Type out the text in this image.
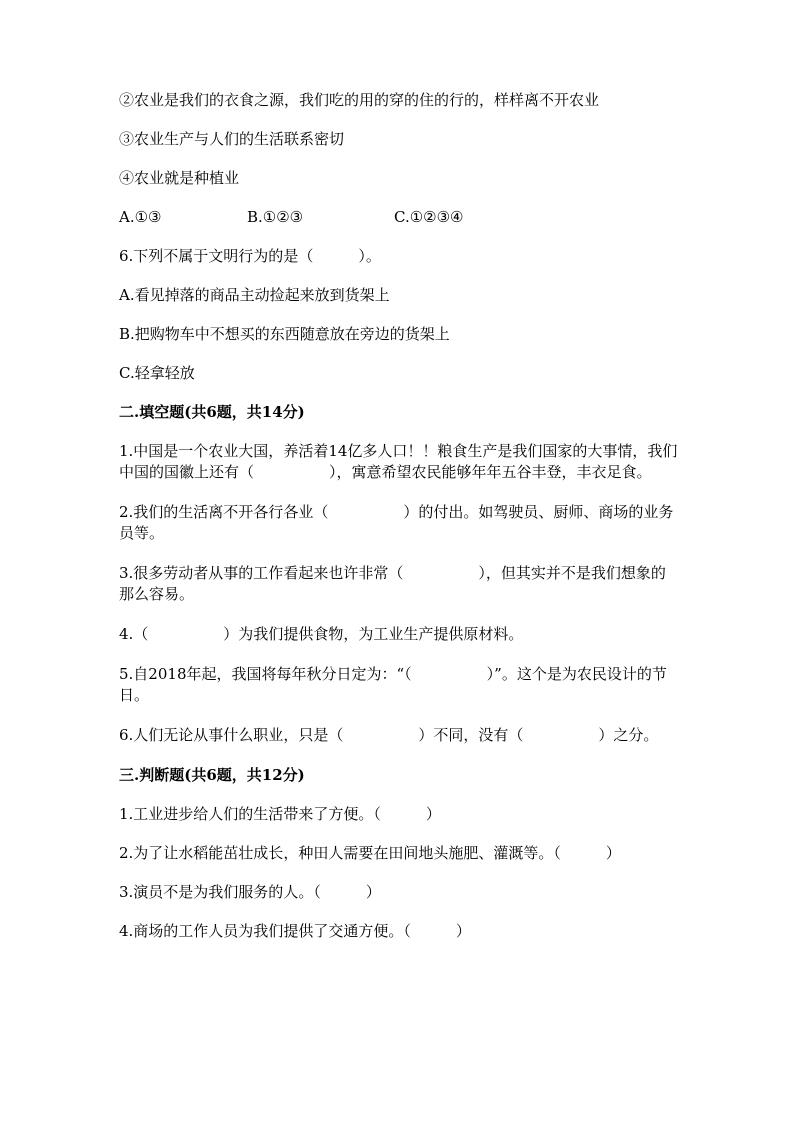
②农业是我们的衣食之源，我们吃的用的穿的住的行的，样样离不开农业

③农业生产与人们的生活联系密切

④农业就是种植业

A.①③	B.①②③	C.①②③④

6.下列不属于文明行为的是（　　　）。

A.看见掉落的商品主动捡起来放到货架上

B.把购物车中不想买的东西随意放在旁边的货架上

C.轻拿轻放

二.填空题(共6题，共14分)

1.中国是一个农业大国，养活着14亿多人口！！粮食生产是我们国家的大事情，我们中国的国徽上还有（　　　　　），寓意希望农民能够年年五谷丰登，丰衣足食。

2.我们的生活离不开各行各业（　　　　　）的付出。如驾驶员、厨师、商场的业务员等。

3.很多劳动者从事的工作看起来也许非常（　　　　　），但其实并不是我们想象的那么容易。

4.（　　　　　）为我们提供食物，为工业生产提供原材料。

5.自2018年起，我国将每年秋分日定为：“（　　　　　）”。这个是为农民设计的节日。

6.人们无论从事什么职业，只是（　　　　　）不同，没有（　　　　　）之分。

三.判断题(共6题，共12分)

1.工业进步给人们的生活带来了方便。（　　　）

2.为了让水稻能茁壮成长，种田人需要在田间地头施肥、灌溉等。（　　　）

3.演员不是为我们服务的人。（　　　）

4.商场的工作人员为我们提供了交通方便。（　　　）
